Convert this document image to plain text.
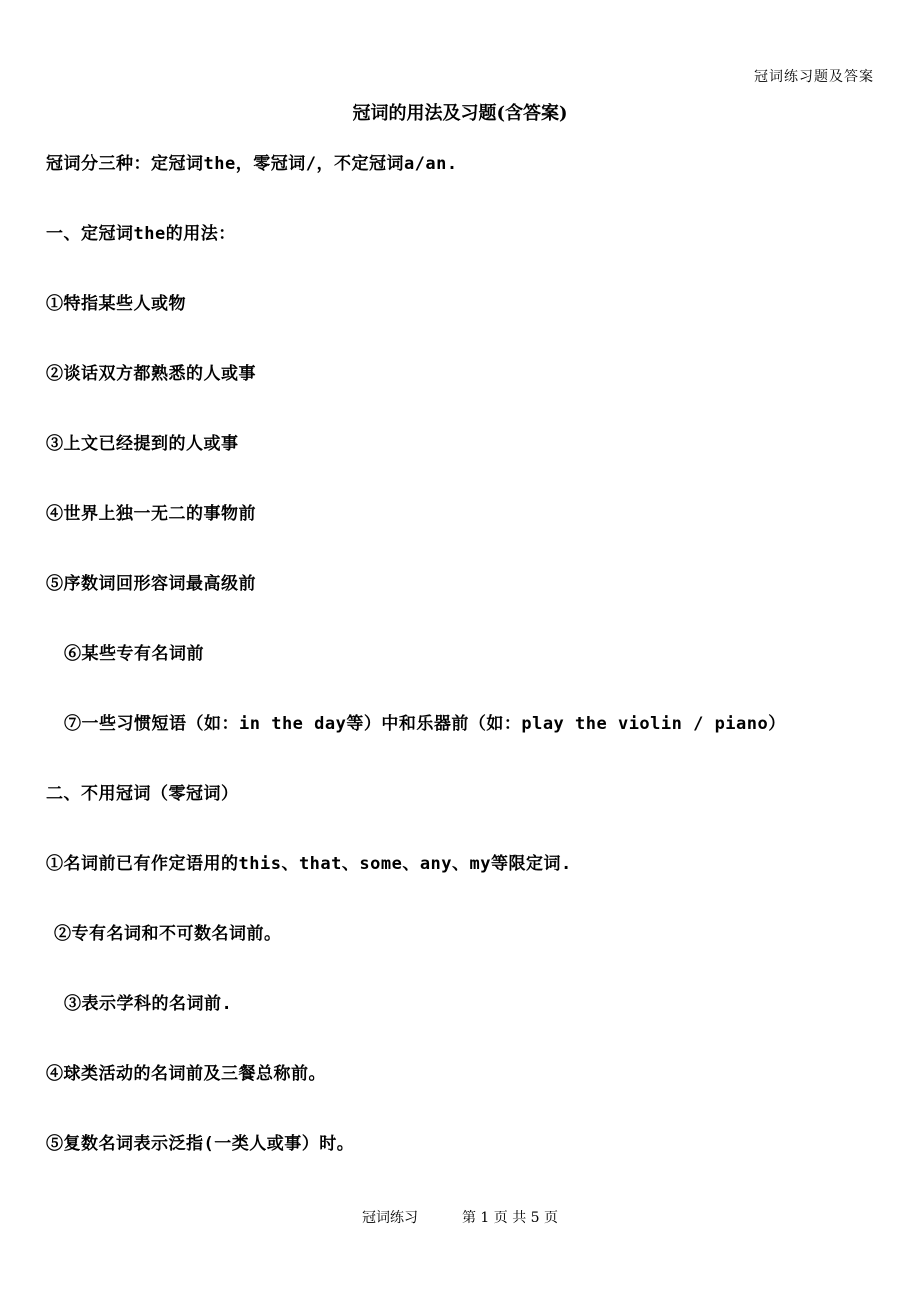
冠词练习题及答案
冠词的用法及习题(含答案)
冠词分三种：定冠词the，零冠词/，不定冠词a/an.
一、定冠词the的用法：
①特指某些人或物
②谈话双方都熟悉的人或事
③上文已经提到的人或事
④世界上独一无二的事物前
⑤序数词回形容词最高级前
⑥某些专有名词前
⑦一些习惯短语（如：in the day等）中和乐器前（如：play the violin / piano）
二、不用冠词（零冠词）
①名词前已有作定语用的this、that、some、any、my等限定词.
②专有名词和不可数名词前。
③表示学科的名词前.
④球类活动的名词前及三餐总称前。
⑤复数名词表示泛指(一类人或事）时。
冠词练习	第 1 页 共 5 页
